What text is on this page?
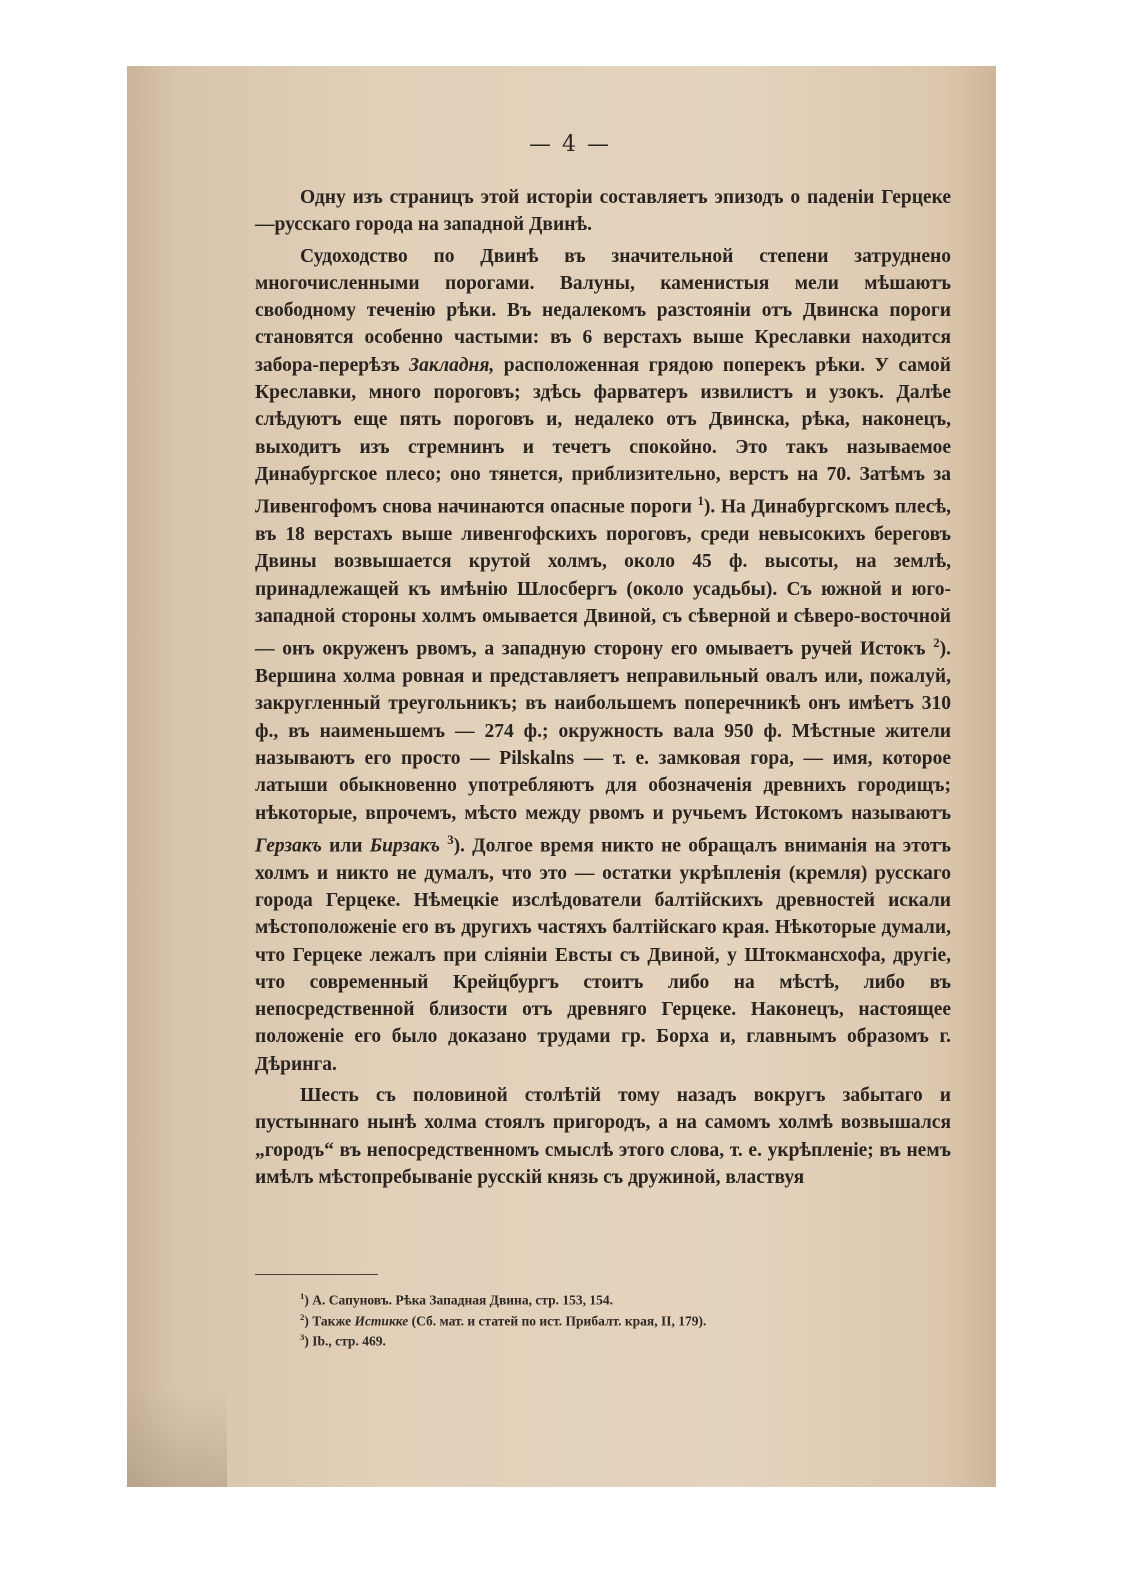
— 4 —

Одну изъ страницъ этой исторіи составляетъ эпизодъ о паденіи Герцеке—русскаго города на западной Двинѣ.

Судоходство по Двинѣ въ значительной степени затруднено многочисленными порогами. Валуны, каменистыя мели мѣшаютъ свободному теченію рѣки. Въ недалекомъ разстояніи отъ Двинска пороги становятся особенно частыми: въ 6 верстахъ выше Креславки находится забора-перерѣзъ Закладня, расположенная грядою поперекъ рѣки. У самой Креславки, много пороговъ; здѣсь фарватеръ извилистъ и узокъ. Далѣе слѣдуютъ еще пять пороговъ и, недалеко отъ Двинска, рѣка, наконецъ, выходитъ изъ стремнинъ и течетъ спокойно. Это такъ называемое Динабургское плесо; оно тянется, приблизительно, верстъ на 70. Затѣмъ за Ливенгофомъ снова начинаются опасные пороги $^1$). На Динабургскомъ плесѣ, въ 18 верстахъ выше ливенгофскихъ пороговъ, среди невысокихъ береговъ Двины возвышается крутой холмъ, около 45 ф. высоты, на землѣ, принадлежащей къ имѣнію Шлосбергъ (около усадьбы). Съ южной и юго-западной стороны холмъ омывается Двиной, съ сѣверной и сѣверо-восточной— онъ окруженъ рвомъ, а западную сторону его омываетъ ручей Истокъ $^2$). Вершина холма ровная и представляетъ неправильный овалъ или, пожалуй, закругленный треугольникъ; въ наибольшемъ поперечникѣ онъ имѣетъ 310 ф., въ наименьшемъ — 274 ф.; окружность вала 950 ф. Мѣстные жители называютъ его просто — Pilskalns — т. е. замковая гора, — имя, которое латыши обыкновенно употребляютъ для обозначенія древнихъ городищъ; нѣкоторые, впрочемъ, мѣсто между рвомъ и ручьемъ Истокомъ называютъ Герзакъ или Бирзакъ $^3$). Долгое время никто не обращалъ вниманія на этотъ холмъ и никто не думалъ, что это — остатки укрѣпленія (кремля) русскаго города Герцеке. Нѣмецкіе изслѣдователи балтійскихъ древностей искали мѣстоположеніе его въ другихъ частяхъ балтійскаго края. Нѣкоторые думали, что Герцеке лежалъ при сліяніи Евсты съ Двиной, у Штокмансхофа, другіе, что современный Крейцбургъ стоитъ либо на мѣстѣ, либо въ непосредственной близости отъ древняго Герцеке. Наконецъ, настоящее положеніе его было доказано трудами гр. Борха и, главнымъ образомъ г. Дѣринга.

Шесть съ половиной столѣтій тому назадъ вокругъ забытаго и пустыннаго нынѣ холма стоялъ пригородъ, а на самомъ холмѣ возвышался „городъ“ въ непосредственномъ смыслѣ этого слова, т. е. укрѣпленіе; въ немъ имѣлъ мѣстопребываніе русскій князь съ дружиной, властвуя

$^1$) А. Сапуновъ. Рѣка Западная Двина, стр. 153, 154.

$^2$) Также Истикке (Сб. мат. и статей по ист. Прибалт. края, II, 179).

$^3$) Ib., стр. 469.
